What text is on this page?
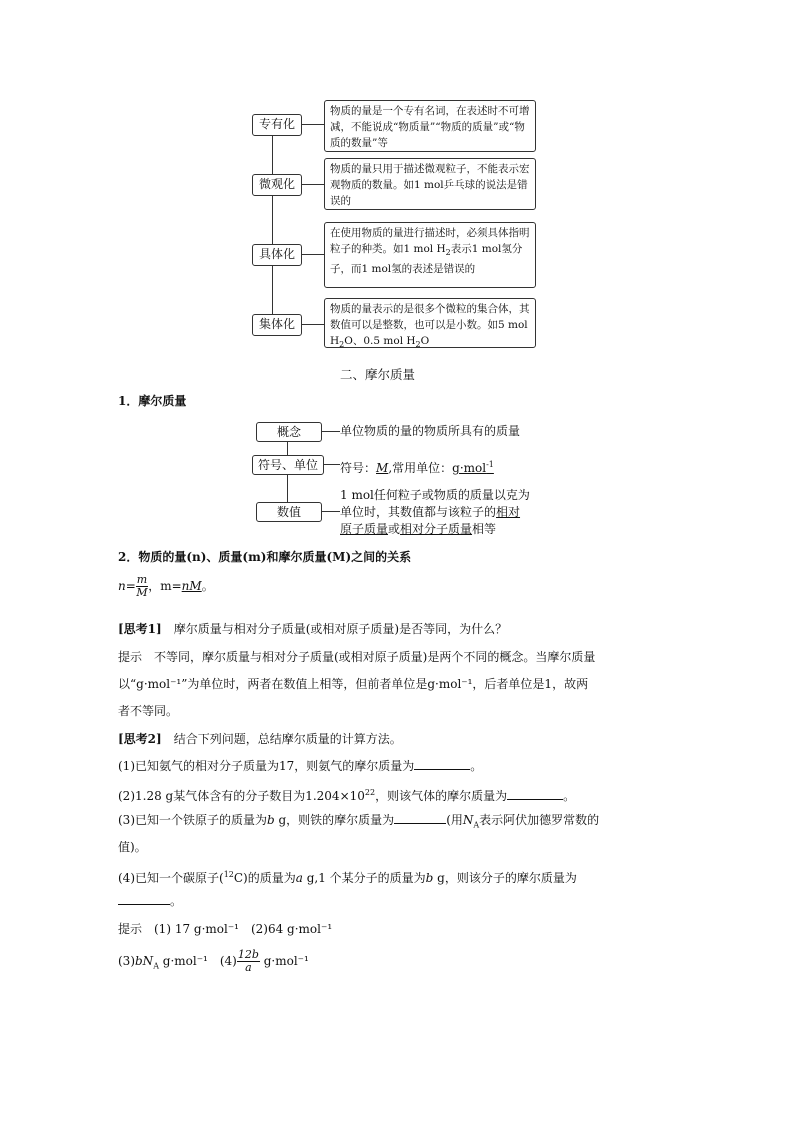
专有化
微观化
具体化
集体化
物质的量是一个专有名词，在表述时不可增减，不能说成“物质量”“物质的质量”或“物质的数量”等
物质的量只用于描述微观粒子，不能表示宏观物质的数量。如1 mol乒乓球的说法是错误的
在使用物质的量进行描述时，必须具体指明粒子的种类。如1 mol $H_2$表示1 mol氢分子，而1 mol氢的表述是错误的
物质的量表示的是很多个微粒的集合体，其数值可以是整数，也可以是小数。如5 mol $H_2O$、0.5 mol $H_2O$
二、摩尔质量
1．摩尔质量
概念
符号、单位
数值
单位物质的量的物质所具有的质量
符号：M,常用单位：g·mol$^{-1}$
1 mol任何粒子或物质的质量以克为
单位时，其数值都与该粒子的相对
原子质量或相对分子质量相等
2．物质的量(n)、质量(m)和摩尔质量(M)之间的关系
$n= \frac{m}{M}$ ，m=nM。
[思考1]　 摩尔质量与相对分子质量(或相对原子质量)是否等同，为什么？
提示　不等同，摩尔质量与相对分子质量(或相对原子质量)是两个不同的概念。当摩尔质量
以“g·mol⁻¹”为单位时，两者在数值上相等，但前者单位是g·mol⁻¹，后者单位是1，故两
者不等同。
[思考2]　 结合下列问题，总结摩尔质量的计算方法。
(1)已知氨气的相对分子质量为17，则氨气的摩尔质量为	。
(2)1.28 g某气体含有的分子数目为$1.204\times 10^{22}$，则该气体的摩尔质量为	。
(3)已知一个铁原子的质量为b g，则铁的摩尔质量为	(用$N_A$表示阿伏加德罗常数的
值)。
(4)已知一个碳原子($^{12}$C)的质量为a g,1 个某分子的质量为b g，则该分子的摩尔质量为
。
提示　(1) 17 g·mol⁻¹　(2)64 g·mol⁻¹
$(3)bN_A$ g·mol⁻¹　$(4) \frac{12b}{a} g\cdot mol^{-1}$
